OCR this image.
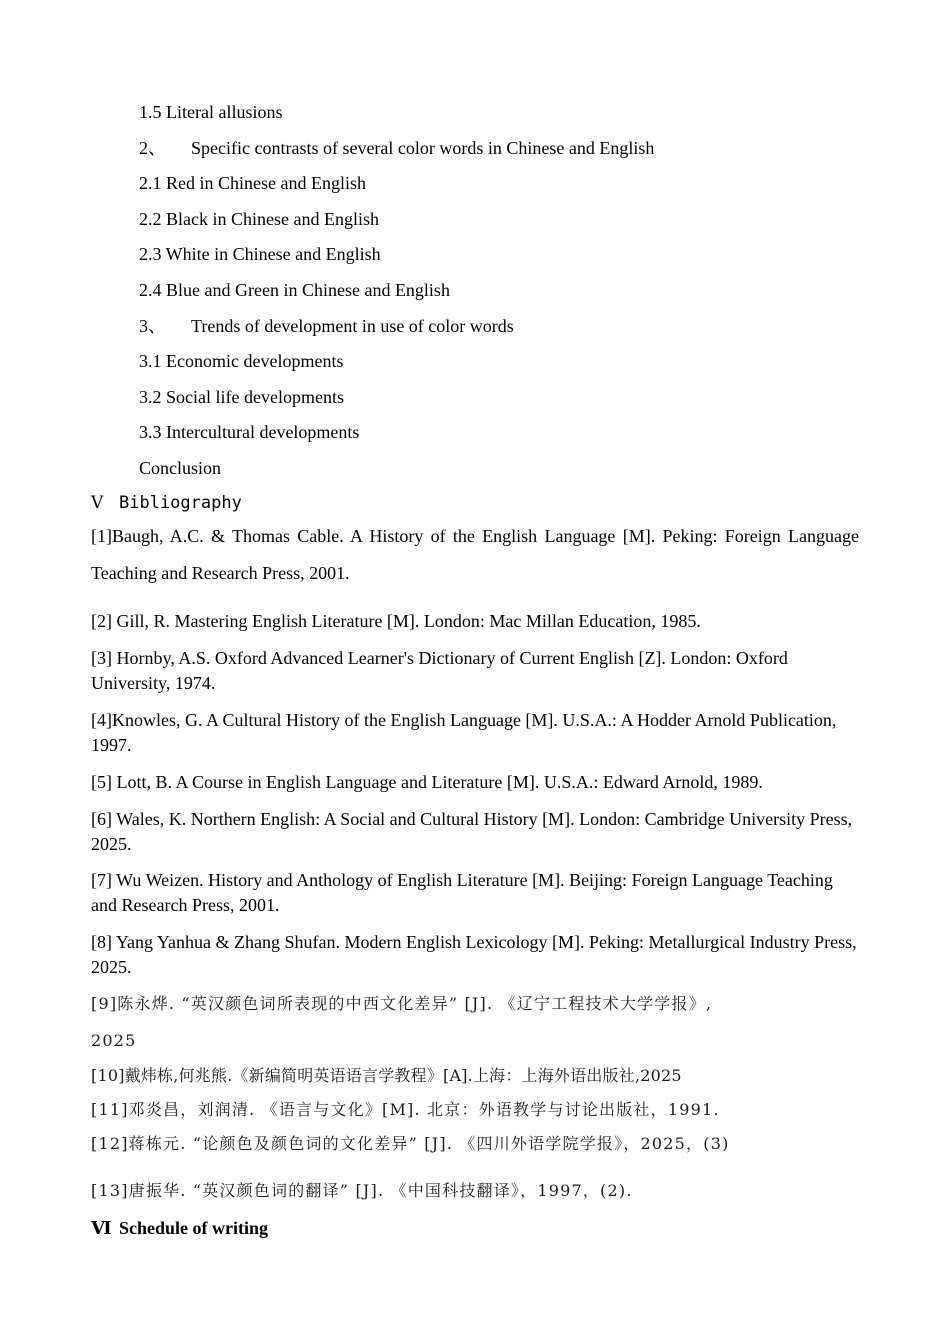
1.5 Literal allusions
2、 Specific contrasts of several color words in Chinese and English
2.1 Red in Chinese and English
2.2 Black in Chinese and English
2.3 White in Chinese and English
2.4 Blue and Green in Chinese and English
3、 Trends of development in use of color words
3.1 Economic developments
3.2 Social life developments
3.3 Intercultural developments
Conclusion
Ⅴ Bibliography
[1]Baugh, A.C. & Thomas Cable. A History of the English Language [M]. Peking: Foreign Language Teaching and Research Press, 2001.
[2] Gill, R. Mastering English Literature [M]. London: Mac Millan Education, 1985.
[3] Hornby, A.S. Oxford Advanced Learner's Dictionary of Current English [Z]. London: Oxford University, 1974.
[4]Knowles, G. A Cultural History of the English Language [M]. U.S.A.: A Hodder Arnold Publication, 1997.
[5] Lott, B. A Course in English Language and Literature [M]. U.S.A.: Edward Arnold, 1989.
[6] Wales, K. Northern English: A Social and Cultural History [M]. London: Cambridge University Press, 2025.
[7] Wu Weizen. History and Anthology of English Literature [M]. Beijing: Foreign Language Teaching and Research Press, 2001.
[8] Yang Yanhua & Zhang Shufan. Modern English Lexicology [M]. Peking: Metallurgical Industry Press, 2025.
[9]陈永烨. “英汉颜色词所表现的中西文化差异” [J]. 《辽宁工程技术大学学报》,
2025
[10]戴炜栋,何兆熊.《新编简明英语语言学教程》[A].上海：上海外语出版社,2025
[11]邓炎昌，刘润清. 《语言与文化》[M]. 北京：外语教学与讨论出版社，1991.
[12]蒋栋元. “论颜色及颜色词的文化差异” [J]. 《四川外语学院学报》，2025，(3)
[13]唐振华. “英汉颜色词的翻译” [J]. 《中国科技翻译》，1997，(2).
Ⅵ Schedule of writing
